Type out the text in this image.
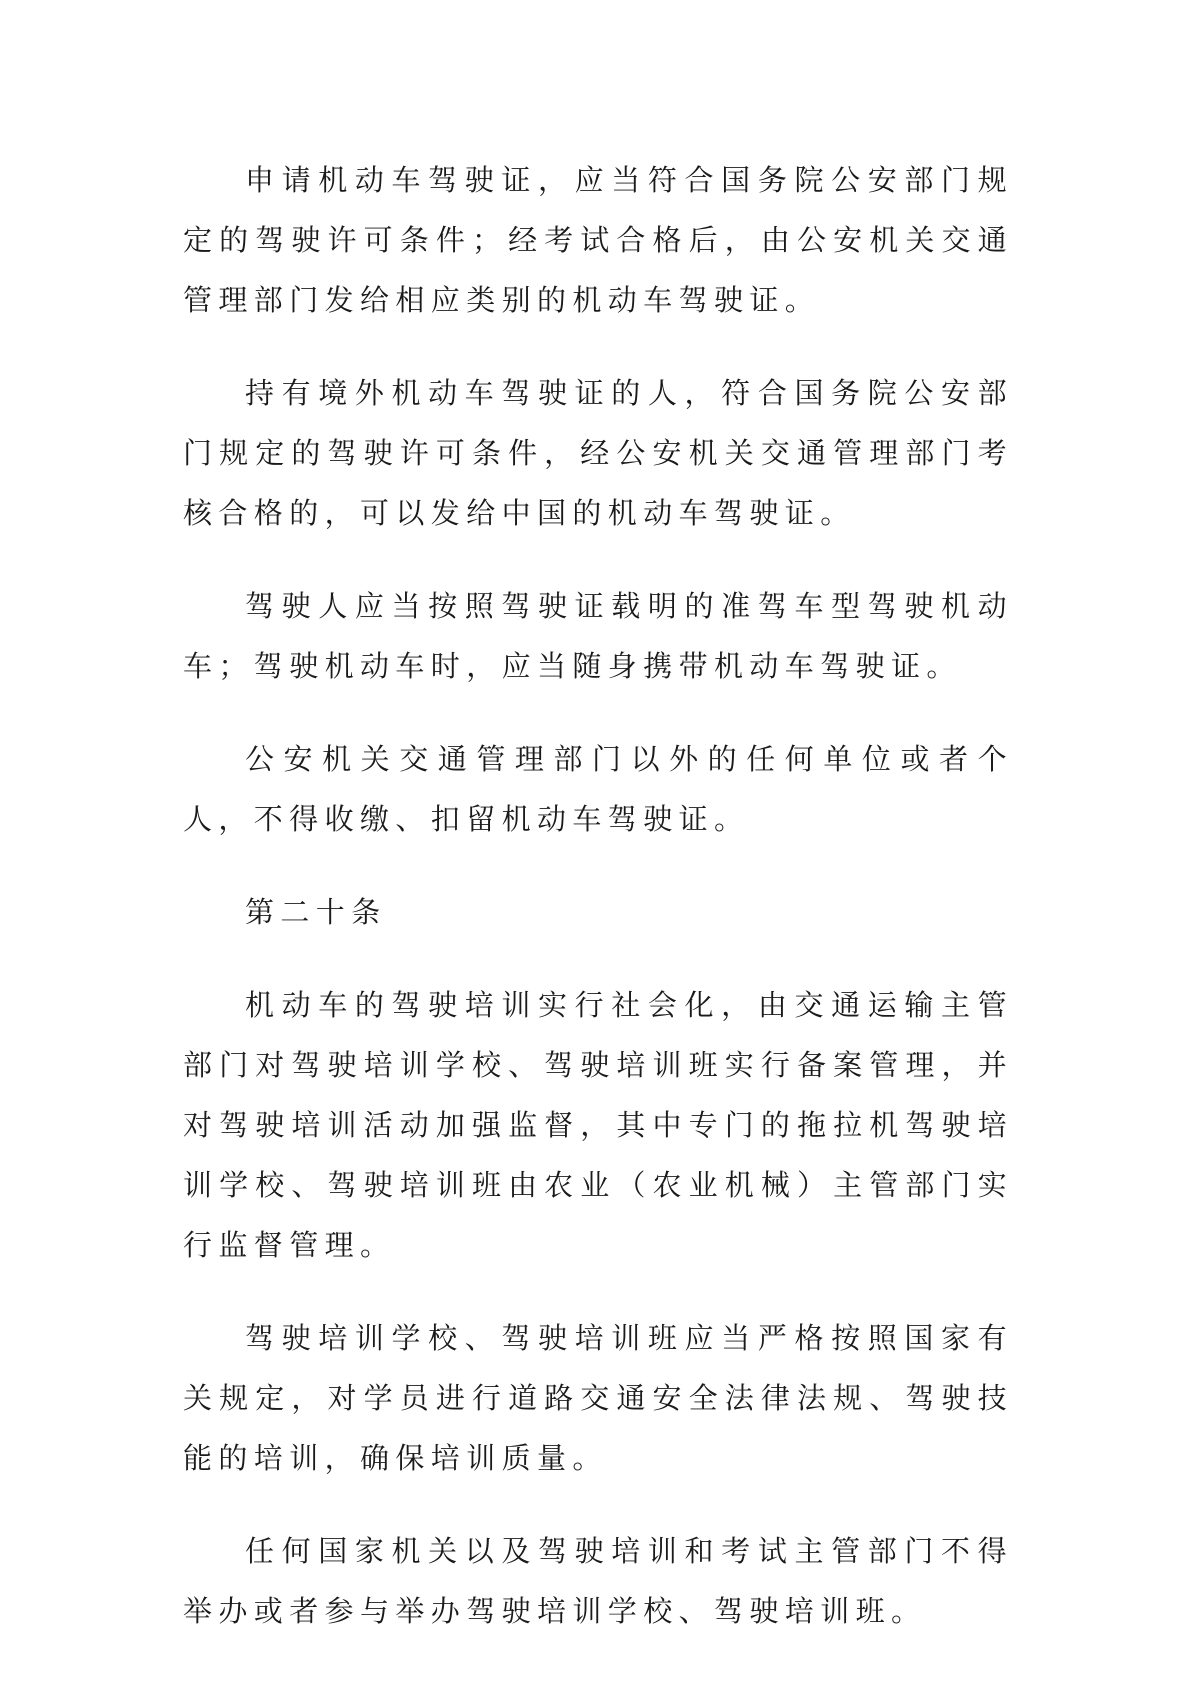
申请机动车驾驶证，应当符合国务院公安部门规定的驾驶许可条件；经考试合格后，由公安机关交通管理部门发给相应类别的机动车驾驶证。

持有境外机动车驾驶证的人，符合国务院公安部门规定的驾驶许可条件，经公安机关交通管理部门考核合格的，可以发给中国的机动车驾驶证。

驾驶人应当按照驾驶证载明的准驾车型驾驶机动车；驾驶机动车时，应当随身携带机动车驾驶证。

公安机关交通管理部门以外的任何单位或者个人，不得收缴、扣留机动车驾驶证。

第二十条

机动车的驾驶培训实行社会化，由交通运输主管部门对驾驶培训学校、驾驶培训班实行备案管理，并对驾驶培训活动加强监督，其中专门的拖拉机驾驶培训学校、驾驶培训班由农业（农业机械）主管部门实行监督管理。

驾驶培训学校、驾驶培训班应当严格按照国家有关规定，对学员进行道路交通安全法律法规、驾驶技能的培训，确保培训质量。

任何国家机关以及驾驶培训和考试主管部门不得举办或者参与举办驾驶培训学校、驾驶培训班。
